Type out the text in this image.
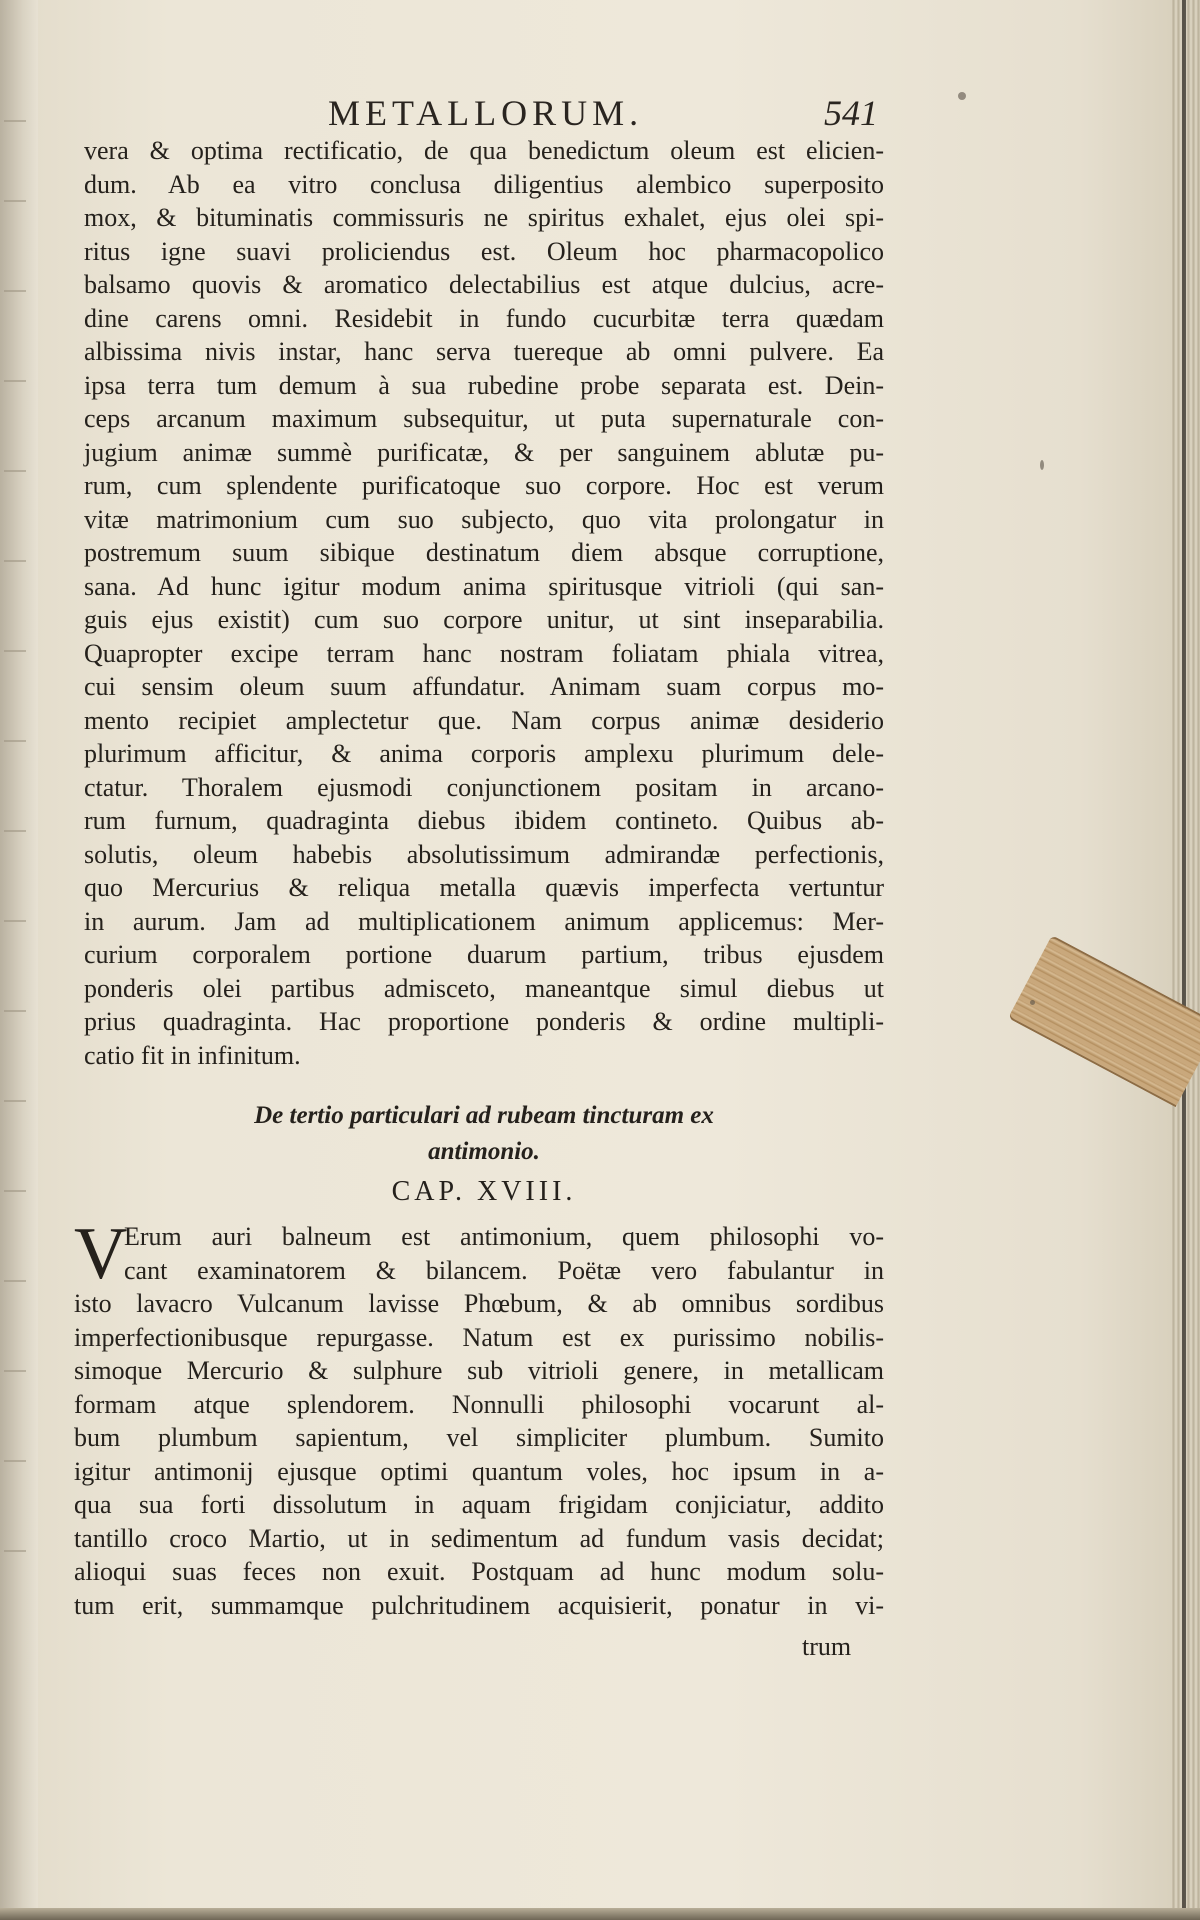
METALLORUM.	541
vera & optima rectificatio, de qua benedictum oleum est elicien-
dum. Ab ea vitro conclusa diligentius alembico superposito
mox, & bituminatis commissuris ne spiritus exhalet, ejus olei spi-
ritus igne suavi proliciendus est. Oleum hoc pharmacopolico
balsamo quovis & aromatico delectabilius est atque dulcius, acre-
dine carens omni. Residebit in fundo cucurbitæ terra quædam
albissima nivis instar, hanc serva tuereque ab omni pulvere. Ea
ipsa terra tum demum à sua rubedine probe separata est. Dein-
ceps arcanum maximum subsequitur, ut puta supernaturale con-
jugium animæ summè purificatæ, & per sanguinem ablutæ pu-
rum, cum splendente purificatoque suo corpore. Hoc est verum
vitæ matrimonium cum suo subjecto, quo vita prolongatur in
postremum suum sibique destinatum diem absque corruptione,
sana. Ad hunc igitur modum anima spiritusque vitrioli (qui san-
guis ejus existit) cum suo corpore unitur, ut sint inseparabilia.
Quapropter excipe terram hanc nostram foliatam phiala vitrea,
cui sensim oleum suum affundatur. Animam suam corpus mo-
mento recipiet amplectetur que. Nam corpus animæ desiderio
plurimum afficitur, & anima corporis amplexu plurimum dele-
ctatur. Thoralem ejusmodi conjunctionem positam in arcano-
rum furnum, quadraginta diebus ibidem contineto. Quibus ab-
solutis, oleum habebis absolutissimum admirandæ perfectionis,
quo Mercurius & reliqua metalla quævis imperfecta vertuntur
in aurum. Jam ad multiplicationem animum applicemus: Mer-
curium corporalem portione duarum partium, tribus ejusdem
ponderis olei partibus admisceto, maneantque simul diebus ut
prius quadraginta. Hac proportione ponderis & ordine multipli-
catio fit in infinitum.
De tertio particulari ad rubeam tincturam ex
antimonio.
CAP. XVIII.
V
Erum auri balneum est antimonium, quem philosophi vo-
cant examinatorem & bilancem. Poëtæ vero fabulantur in
isto lavacro Vulcanum lavisse Phœbum, & ab omnibus sordibus
imperfectionibusque repurgasse. Natum est ex purissimo nobilis-
simoque Mercurio & sulphure sub vitrioli genere, in metallicam
formam atque splendorem. Nonnulli philosophi vocarunt al-
bum plumbum sapientum, vel simpliciter plumbum. Sumito
igitur antimonij ejusque optimi quantum voles, hoc ipsum in a-
qua sua forti dissolutum in aquam frigidam conjiciatur, addito
tantillo croco Martio, ut in sedimentum ad fundum vasis decidat;
alioqui suas feces non exuit. Postquam ad hunc modum solu-
tum erit, summamque pulchritudinem acquisierit, ponatur in vi-
trum
